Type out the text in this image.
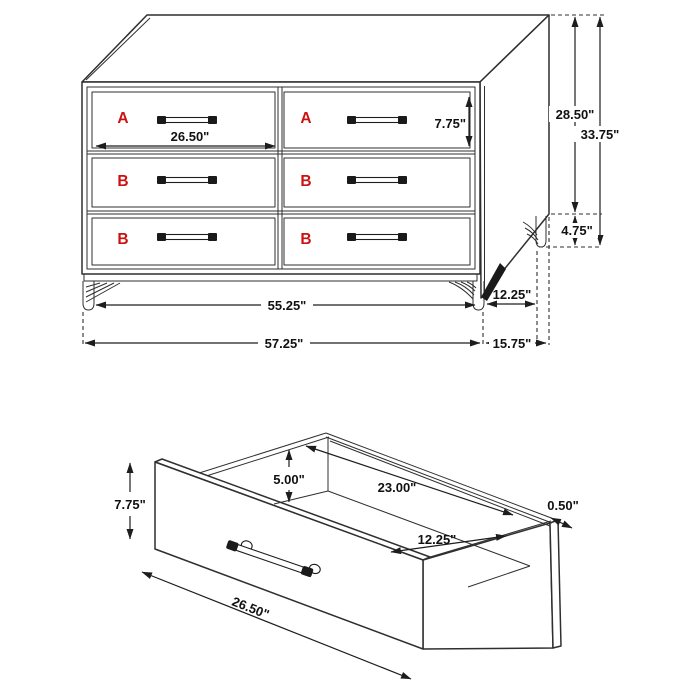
A	A
B	B
B	B
26.50"
7.75"
28.50"
33.75"
4.75"
55.25"
12.25"
57.25"	15.75"
7.75"
5.00"
23.00"
12.25"
0.50"
26.50"
